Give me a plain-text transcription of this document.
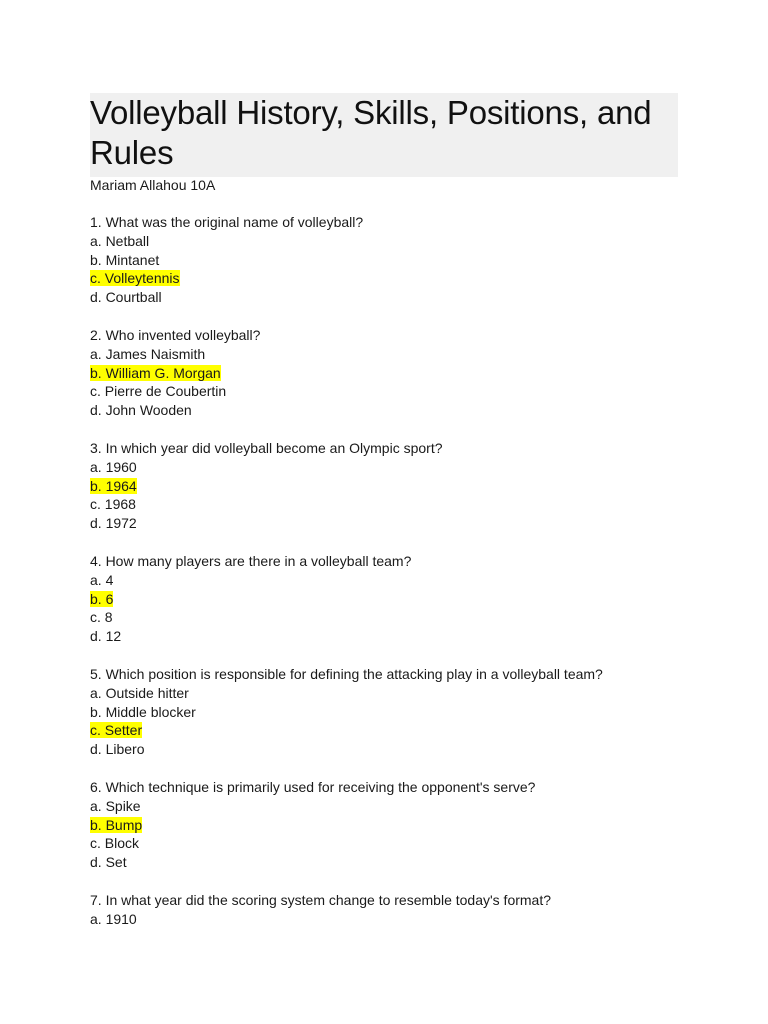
Volleyball History, Skills, Positions, and Rules
Mariam Allahou 10A
1. What was the original name of volleyball?
a. Netball
b. Mintanet
c. Volleytennis
d. Courtball
2. Who invented volleyball?
a. James Naismith
b. William G. Morgan
c. Pierre de Coubertin
d. John Wooden
3. In which year did volleyball become an Olympic sport?
a. 1960
b. 1964
c. 1968
d. 1972
4. How many players are there in a volleyball team?
a. 4
b. 6
c. 8
d. 12
5. Which position is responsible for defining the attacking play in a volleyball team?
a. Outside hitter
b. Middle blocker
c. Setter
d. Libero
6. Which technique is primarily used for receiving the opponent's serve?
a. Spike
b. Bump
c. Block
d. Set
7. In what year did the scoring system change to resemble today's format?
a. 1910
